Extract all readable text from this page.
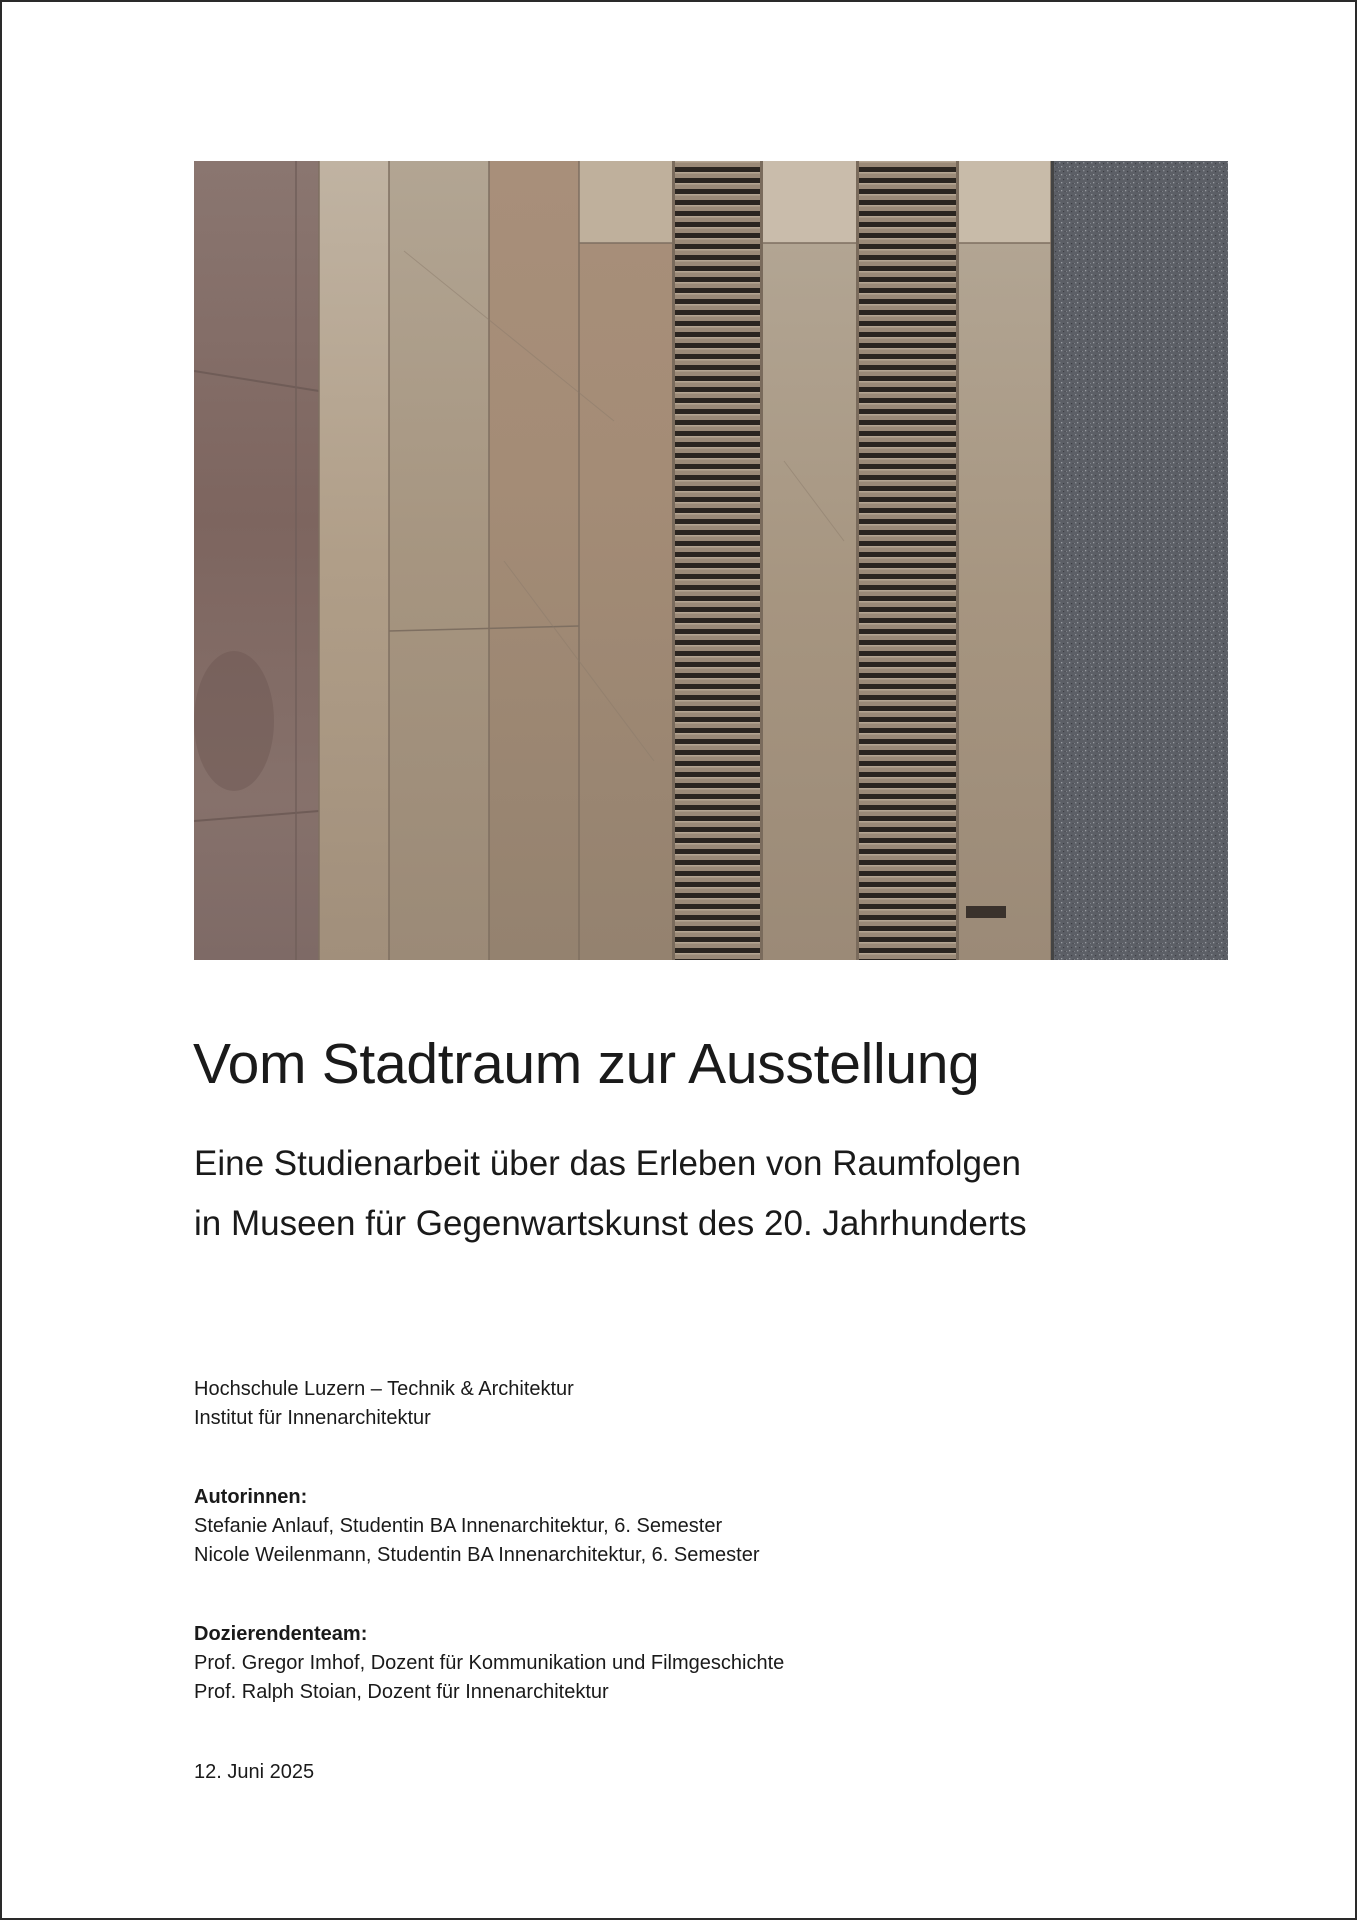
Vom Stadtraum zur Ausstellung
Eine Studienarbeit über das Erleben von Raumfolgen
in Museen für Gegenwartskunst des 20. Jahrhunderts
Hochschule Luzern – Technik & Architektur
Institut für Innenarchitektur
Autorinnen:
Stefanie Anlauf, Studentin BA Innenarchitektur, 6. Semester
Nicole Weilenmann, Studentin BA Innenarchitektur, 6. Semester
Dozierendenteam:
Prof. Gregor Imhof, Dozent für Kommunikation und Filmgeschichte
Prof. Ralph Stoian, Dozent für Innenarchitektur
12. Juni 2025
